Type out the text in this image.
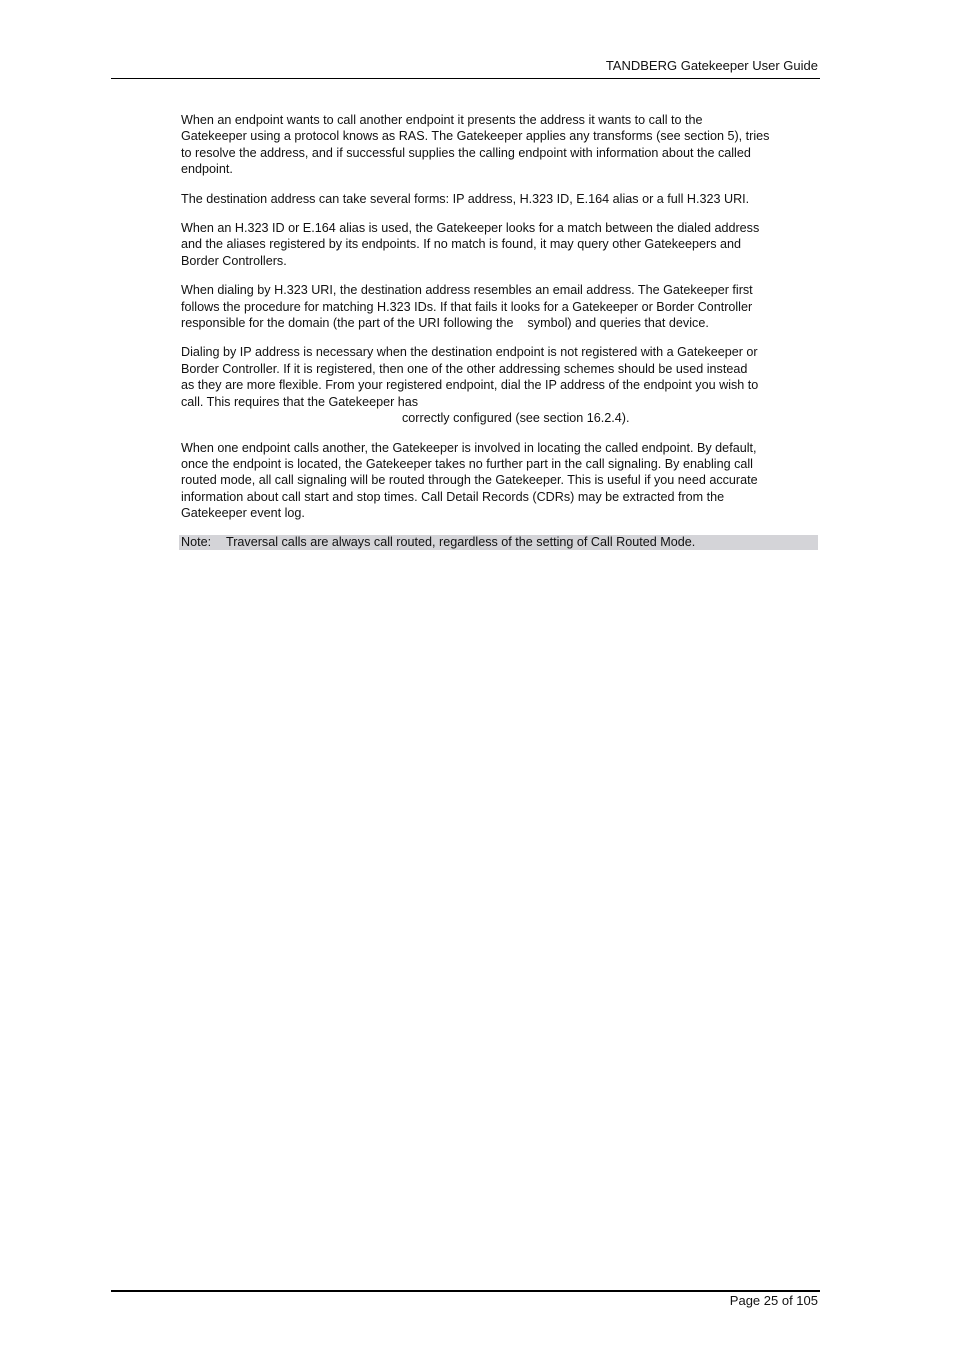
TANDBERG Gatekeeper User Guide

When an endpoint wants to call another endpoint it presents the address it wants to call to the
Gatekeeper using a protocol knows as RAS. The Gatekeeper applies any transforms (see section 5), tries
to resolve the address, and if successful supplies the calling endpoint with information about the called
endpoint.

The destination address can take several forms: IP address, H.323 ID, E.164 alias or a full H.323 URI.

When an H.323 ID or E.164 alias is used, the Gatekeeper looks for a match between the dialed address
and the aliases registered by its endpoints. If no match is found, it may query other Gatekeepers and
Border Controllers.

When dialing by H.323 URI, the destination address resembles an email address. The Gatekeeper first
follows the procedure for matching H.323 IDs. If that fails it looks for a Gatekeeper or Border Controller
responsible for the domain (the part of the URI following the    symbol) and queries that device.

Dialing by IP address is necessary when the destination endpoint is not registered with a Gatekeeper or
Border Controller. If it is registered, then one of the other addressing schemes should be used instead
as they are more flexible. From your registered endpoint, dial the IP address of the endpoint you wish to
call. This requires that the Gatekeeper has
correctly configured (see section 16.2.4).

When one endpoint calls another, the Gatekeeper is involved in locating the called endpoint. By default,
once the endpoint is located, the Gatekeeper takes no further part in the call signaling. By enabling call
routed mode, all call signaling will be routed through the Gatekeeper. This is useful if you need accurate
information about call start and stop times. Call Detail Records (CDRs) may be extracted from the
Gatekeeper event log.

Note: Traversal calls are always call routed, regardless of the setting of Call Routed Mode.
Page 25 of 105
